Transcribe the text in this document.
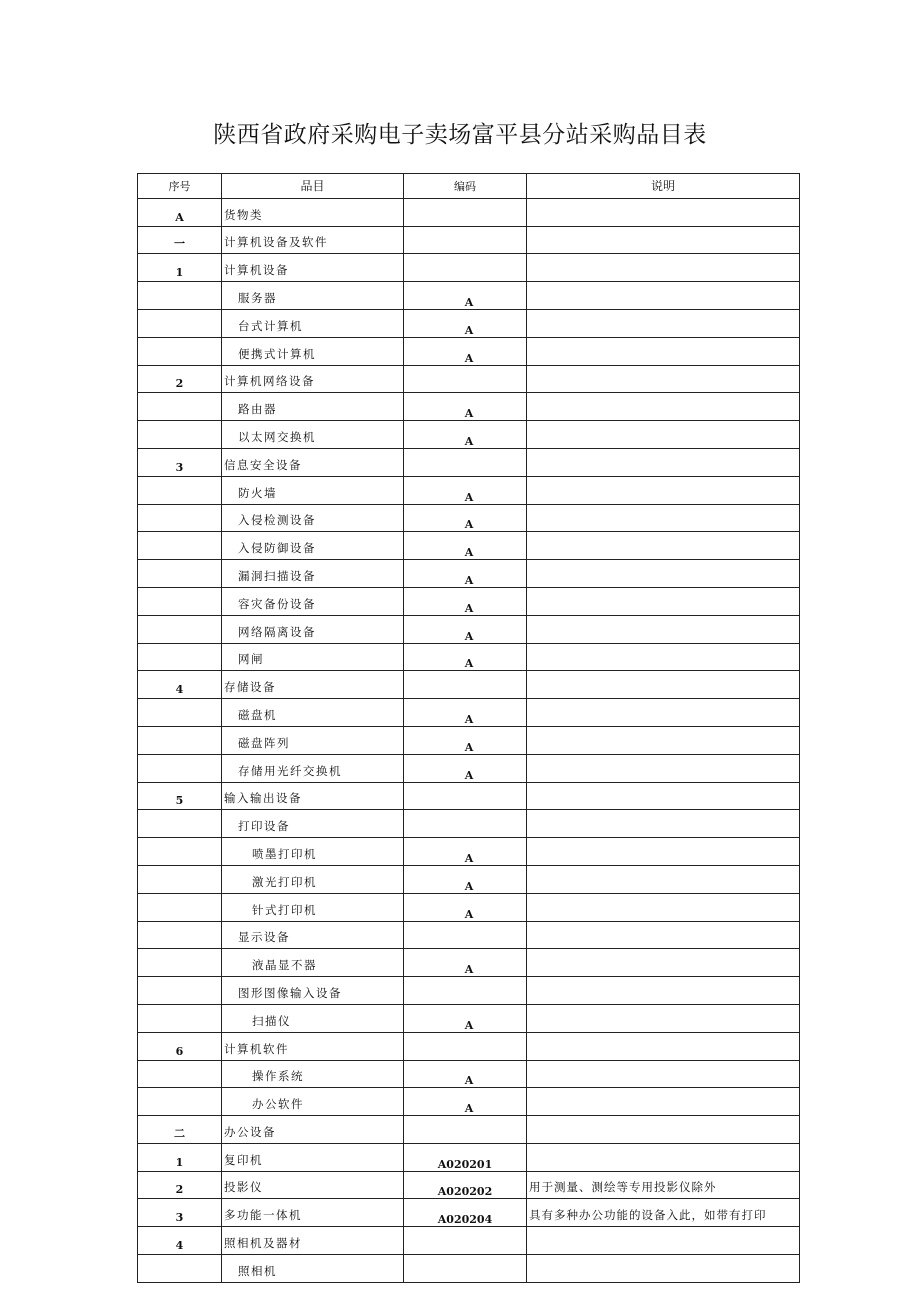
陕西省政府采购电子卖场富平县分站采购品目表
序号	品目	编码	说明
A	货物类		
一	计算机设备及软件		
1	计算机设备		
	服务器	A	
	台式计算机	A	
	便携式计算机	A	
2	计算机网络设备		
	路由器	A	
	以太网交换机	A	
3	信息安全设备		
	防火墙	A	
	入侵检测设备	A	
	入侵防御设备	A	
	漏洞扫描设备	A	
	容灾备份设备	A	
	网络隔离设备	A	
	网闸	A	
4	存储设备		
	磁盘机	A	
	磁盘阵列	A	
	存储用光纤交换机	A	
5	输入输出设备		
	打印设备		
	喷墨打印机	A	
	激光打印机	A	
	针式打印机	A	
	显示设备		
	液晶显不器	A	
	图形图像输入设备		
	扫描仪	A	
6	计算机软件		
	操作系统	A	
	办公软件	A	
二	办公设备		
1	复印机	A020201	
2	投影仪	A020202	用于测量、测绘等专用投影仪除外
3	多功能一体机	A020204	具有多种办公功能的设备入此，如带有打印
4	照相机及器材		
	照相机		
